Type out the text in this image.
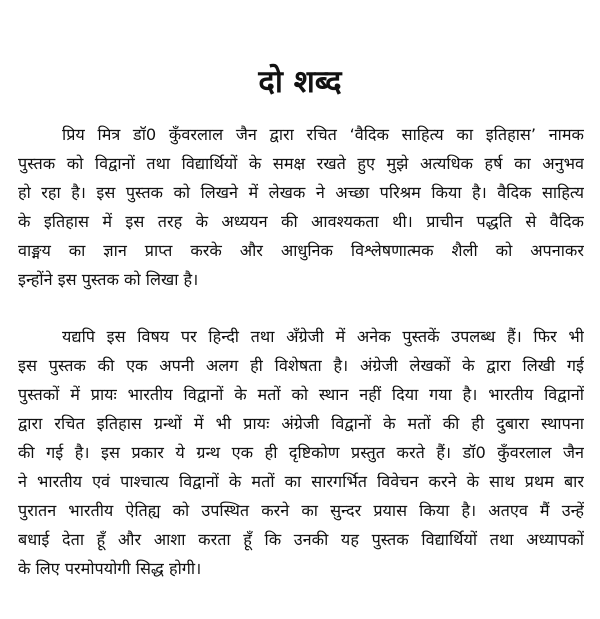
दो शब्द
प्रिय मित्र डॉ0 कुँवरलाल जैन द्वारा रचित ‘वैदिक साहित्य का इतिहास’ नामक
पुस्तक को विद्वानों तथा विद्यार्थियों के समक्ष रखते हुए मुझे अत्यधिक हर्ष का अनुभव
हो रहा है। इस पुस्तक को लिखने में लेखक ने अच्छा परिश्रम किया है। वैदिक साहित्य
के इतिहास में इस तरह के अध्ययन की आवश्यकता थी। प्राचीन पद्धति से वैदिक
वाङ्मय का ज्ञान प्राप्त करके और आधुनिक विश्लेषणात्मक शैली को अपनाकर
इन्होंने इस पुस्तक को लिखा है।
यद्यपि इस विषय पर हिन्दी तथा अँग्रेजी में अनेक पुस्तकें उपलब्ध हैं। फिर भी
इस पुस्तक की एक अपनी अलग ही विशेषता है। अंग्रेजी लेखकों के द्वारा लिखी गई
पुस्तकों में प्रायः भारतीय विद्वानों के मतों को स्थान नहीं दिया गया है। भारतीय विद्वानों
द्वारा रचित इतिहास ग्रन्थों में भी प्रायः अंग्रेजी विद्वानों के मतों की ही दुबारा स्थापना
की गई है। इस प्रकार ये ग्रन्थ एक ही दृष्टिकोण प्रस्तुत करते हैं। डॉ0 कुँवरलाल जैन
ने भारतीय एवं पाश्चात्य विद्वानों के मतों का सारगर्भित विवेचन करने के साथ प्रथम बार
पुरातन भारतीय ऐतिह्य को उपस्थित करने का सुन्दर प्रयास किया है। अतएव मैं उन्हें
बधाई देता हूँ और आशा करता हूँ कि उनकी यह पुस्तक विद्यार्थियों तथा अध्यापकों
के लिए परमोपयोगी सिद्ध होगी।
